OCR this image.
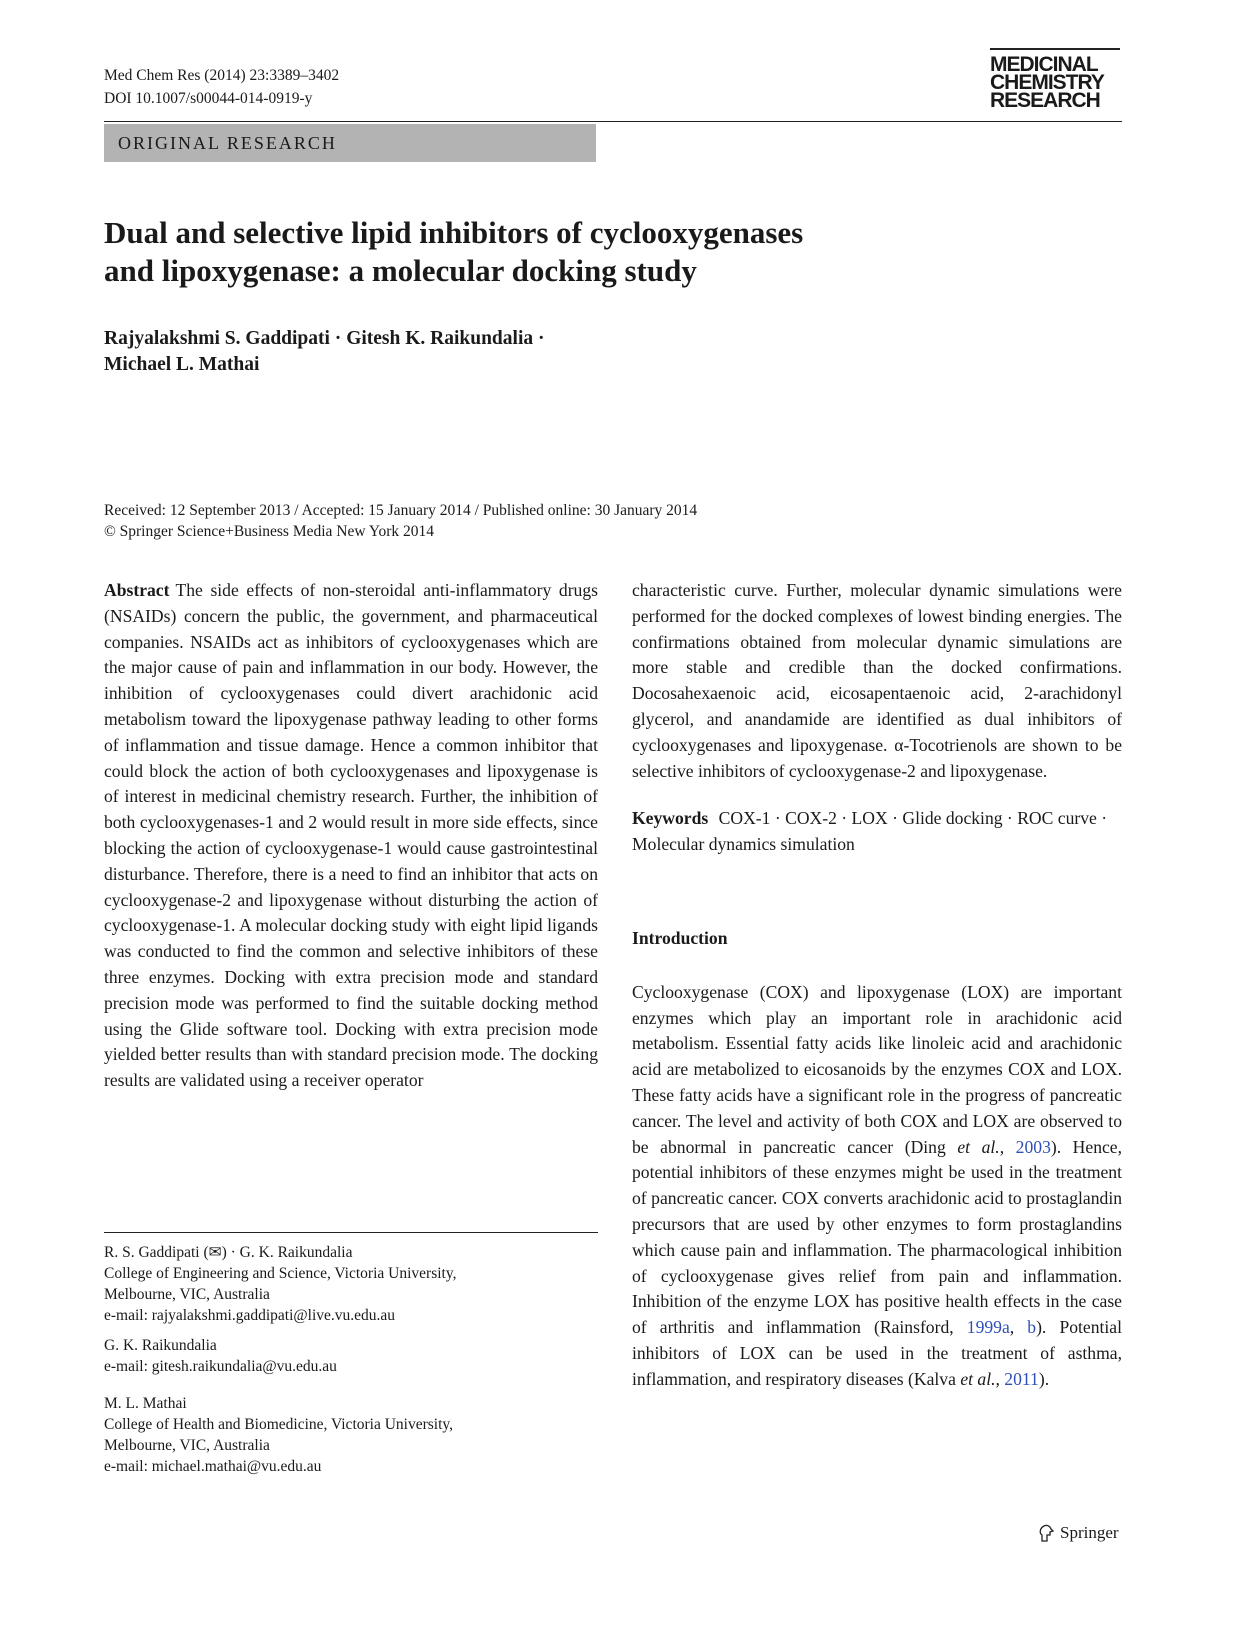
Med Chem Res (2014) 23:3389–3402
DOI 10.1007/s00044-014-0919-y
MEDICINAL
CHEMISTRY
RESEARCH
ORIGINAL RESEARCH
Dual and selective lipid inhibitors of cyclooxygenases
and lipoxygenase: a molecular docking study
Rajyalakshmi S. Gaddipati · Gitesh K. Raikundalia ·
Michael L. Mathai
Received: 12 September 2013 / Accepted: 15 January 2014 / Published online: 30 January 2014
© Springer Science+Business Media New York 2014

Abstract The side effects of non-steroidal anti-inflammatory drugs (NSAIDs) concern the public, the government, and pharmaceutical companies. NSAIDs act as inhibitors of cyclooxygenases which are the major cause of pain and inflammation in our body. However, the inhibition of cyclooxygenases could divert arachidonic acid metabolism toward the lipoxygenase pathway leading to other forms of inflammation and tissue damage. Hence a common inhibitor that could block the action of both cyclooxygenases and lipoxygenase is of interest in medicinal chemistry research. Further, the inhibition of both cyclooxygenases-1 and 2 would result in more side effects, since blocking the action of cyclooxygenase-1 would cause gastrointestinal disturbance. Therefore, there is a need to find an inhibitor that acts on cyclooxygenase-2 and lipoxygenase without disturbing the action of cyclooxygenase-1. A molecular docking study with eight lipid ligands was conducted to find the common and selective inhibitors of these three enzymes. Docking with extra precision mode and standard precision mode was performed to find the suitable docking method using the Glide software tool. Docking with extra precision mode yielded better results than with standard precision mode. The docking results are validated using a receiver operator

characteristic curve. Further, molecular dynamic simulations were performed for the docked complexes of lowest binding energies. The confirmations obtained from molecular dynamic simulations are more stable and credible than the docked confirmations. Docosahexaenoic acid, eicosapentaenoic acid, 2-arachidonyl glycerol, and anandamide are identified as dual inhibitors of cyclooxygenases and lipoxygenase. α-Tocotrienols are shown to be selective inhibitors of cyclooxygenase-2 and lipoxygenase.

Keywords COX-1 · COX-2 · LOX · Glide docking · ROC curve · Molecular dynamics simulation

Introduction

Cyclooxygenase (COX) and lipoxygenase (LOX) are important enzymes which play an important role in arachidonic acid metabolism. Essential fatty acids like linoleic acid and arachidonic acid are metabolized to eicosanoids by the enzymes COX and LOX. These fatty acids have a significant role in the progress of pancreatic cancer. The level and activity of both COX and LOX are observed to be abnormal in pancreatic cancer (Ding et al., 2003). Hence, potential inhibitors of these enzymes might be used in the treatment of pancreatic cancer. COX converts arachidonic acid to prostaglandin precursors that are used by other enzymes to form prostaglandins which cause pain and inflammation. The pharmacological inhibition of cyclooxygenase gives relief from pain and inflammation. Inhibition of the enzyme LOX has positive health effects in the case of arthritis and inflammation (Rainsford, 1999a, b). Potential inhibitors of LOX can be used in the treatment of asthma, inflammation, and respiratory diseases (Kalva et al., 2011).

R. S. Gaddipati (✉) · G. K. Raikundalia
College of Engineering and Science, Victoria University,
Melbourne, VIC, Australia
e-mail: rajyalakshmi.gaddipati@live.vu.edu.au
G. K. Raikundalia
e-mail: gitesh.raikundalia@vu.edu.au
M. L. Mathai
College of Health and Biomedicine, Victoria University,
Melbourne, VIC, Australia
e-mail: michael.mathai@vu.edu.au
Springer
